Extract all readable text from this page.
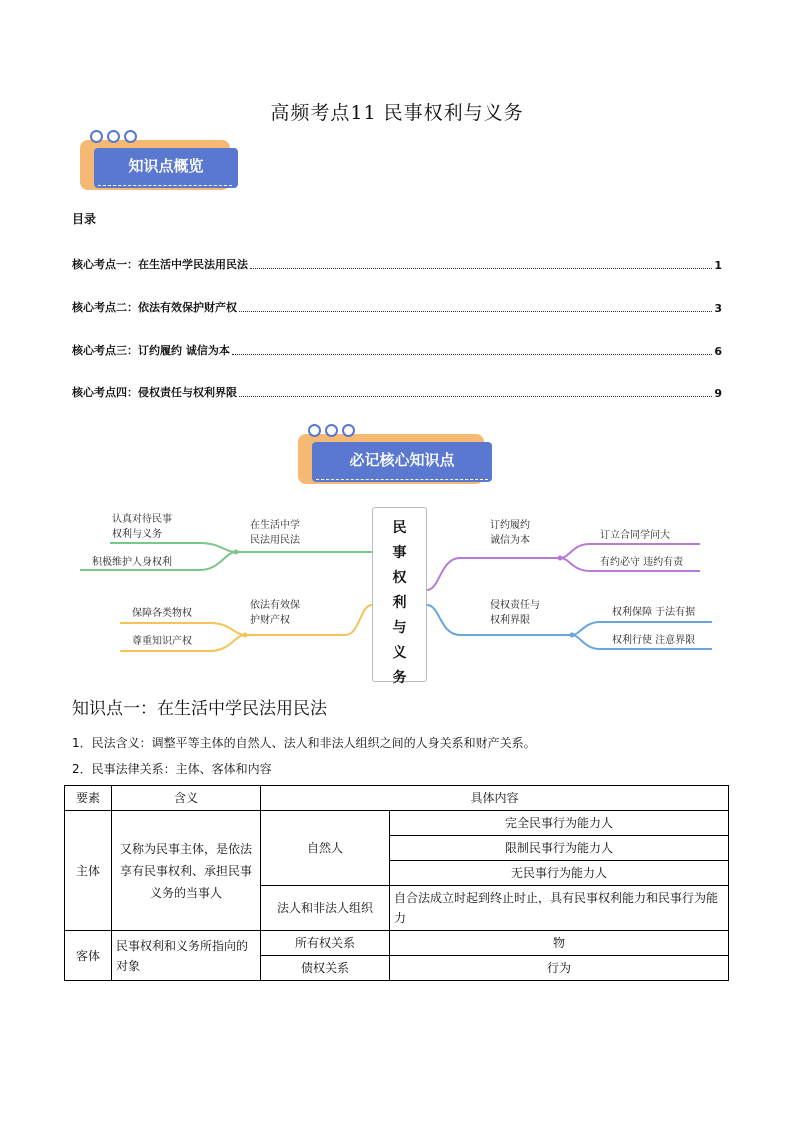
高频考点11 民事权利与义务
知识点概览
目录
核心考点一：在生活中学民法用民法	1
核心考点二：依法有效保护财产权	3
核心考点三：订约履约 诚信为本	6
核心考点四：侵权责任与权利界限	9
必记核心知识点
民
事
权
利
与
义
务
在生活中学
民法用民法
认真对待民事
权利与义务
积极维护人身权利
依法有效保
护财产权
保障各类物权
尊重知识产权
订约履约
诚信为本	订立合同学问大
有约必守 违约有责
侵权责任与
权利界限
权利保障 于法有据
权利行使 注意界限
知识点一：在生活中学民法用民法
1．民法含义：调整平等主体的自然人、法人和非法人组织之间的人身关系和财产关系。
2．民事法律关系：主体、客体和内容
要素	含义	具体内容	
主体	又称为民事主体，是依法享有民事权利、承担民事义务的当事人	自然人	完全民事行为能力人
			限制民事行为能力人
			无民事行为能力人
		法人和非法人组织	自合法成立时起到终止时止，具有民事权利能力和民事行为能力
客体	民事权利和义务所指向的对象	所有权关系	物
		债权关系	行为
